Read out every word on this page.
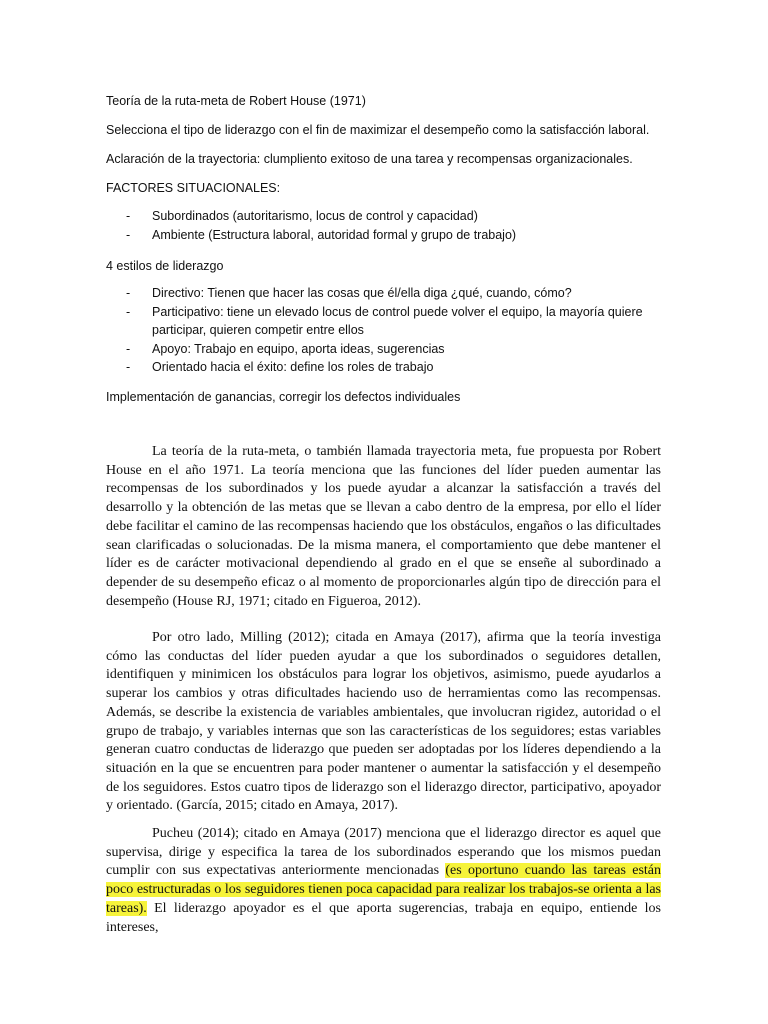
Teoría de la ruta-meta de Robert House (1971)
Selecciona el tipo de liderazgo con el fin de maximizar el desempeño como la satisfacción laboral.
Aclaración de la trayectoria: clumpliento exitoso de una tarea y recompensas organizacionales.
FACTORES SITUACIONALES:
- Subordinados (autoritarismo, locus de control y capacidad)
- Ambiente (Estructura laboral, autoridad formal y grupo de trabajo)
4 estilos de liderazgo
- Directivo: Tienen que hacer las cosas que él/ella diga ¿qué, cuando, cómo?
- Participativo: tiene un elevado locus de control puede volver el equipo, la mayoría quiere participar, quieren competir entre ellos
- Apoyo: Trabajo en equipo, aporta ideas, sugerencias
- Orientado hacia el éxito: define los roles de trabajo
Implementación de ganancias, corregir los defectos individuales

La teoría de la ruta-meta, o también llamada trayectoria meta, fue propuesta por Robert House en el año 1971. La teoría menciona que las funciones del líder pueden aumentar las recompensas de los subordinados y los puede ayudar a alcanzar la satisfacción a través del desarrollo y la obtención de las metas que se llevan a cabo dentro de la empresa, por ello el líder debe facilitar el camino de las recompensas haciendo que los obstáculos, engaños o las dificultades sean clarificadas o solucionadas. De la misma manera, el comportamiento que debe mantener el líder es de carácter motivacional dependiendo al grado en el que se enseñe al subordinado a depender de su desempeño eficaz o al momento de proporcionarles algún tipo de dirección para el desempeño (House RJ, 1971; citado en Figueroa, 2012).

Por otro lado, Milling (2012); citada en Amaya (2017), afirma que la teoría investiga cómo las conductas del líder pueden ayudar a que los subordinados o seguidores detallen, identifiquen y minimicen los obstáculos para lograr los objetivos, asimismo, puede ayudarlos a superar los cambios y otras dificultades haciendo uso de herramientas como las recompensas. Además, se describe la existencia de variables ambientales, que involucran rigidez, autoridad o el grupo de trabajo, y variables internas que son las características de los seguidores; estas variables generan cuatro conductas de liderazgo que pueden ser adoptadas por los líderes dependiendo a la situación en la que se encuentren para poder mantener o aumentar la satisfacción y el desempeño de los seguidores. Estos cuatro tipos de liderazgo son el liderazgo director, participativo, apoyador y orientado. (García, 2015; citado en Amaya, 2017).

Pucheu (2014); citado en Amaya (2017) menciona que el liderazgo director es aquel que supervisa, dirige y especifica la tarea de los subordinados esperando que los mismos puedan cumplir con sus expectativas anteriormente mencionadas (es oportuno cuando las tareas están poco estructuradas o los seguidores tienen poca capacidad para realizar los trabajos-se orienta a las tareas). El liderazgo apoyador es el que aporta sugerencias, trabaja en equipo, entiende los intereses,
